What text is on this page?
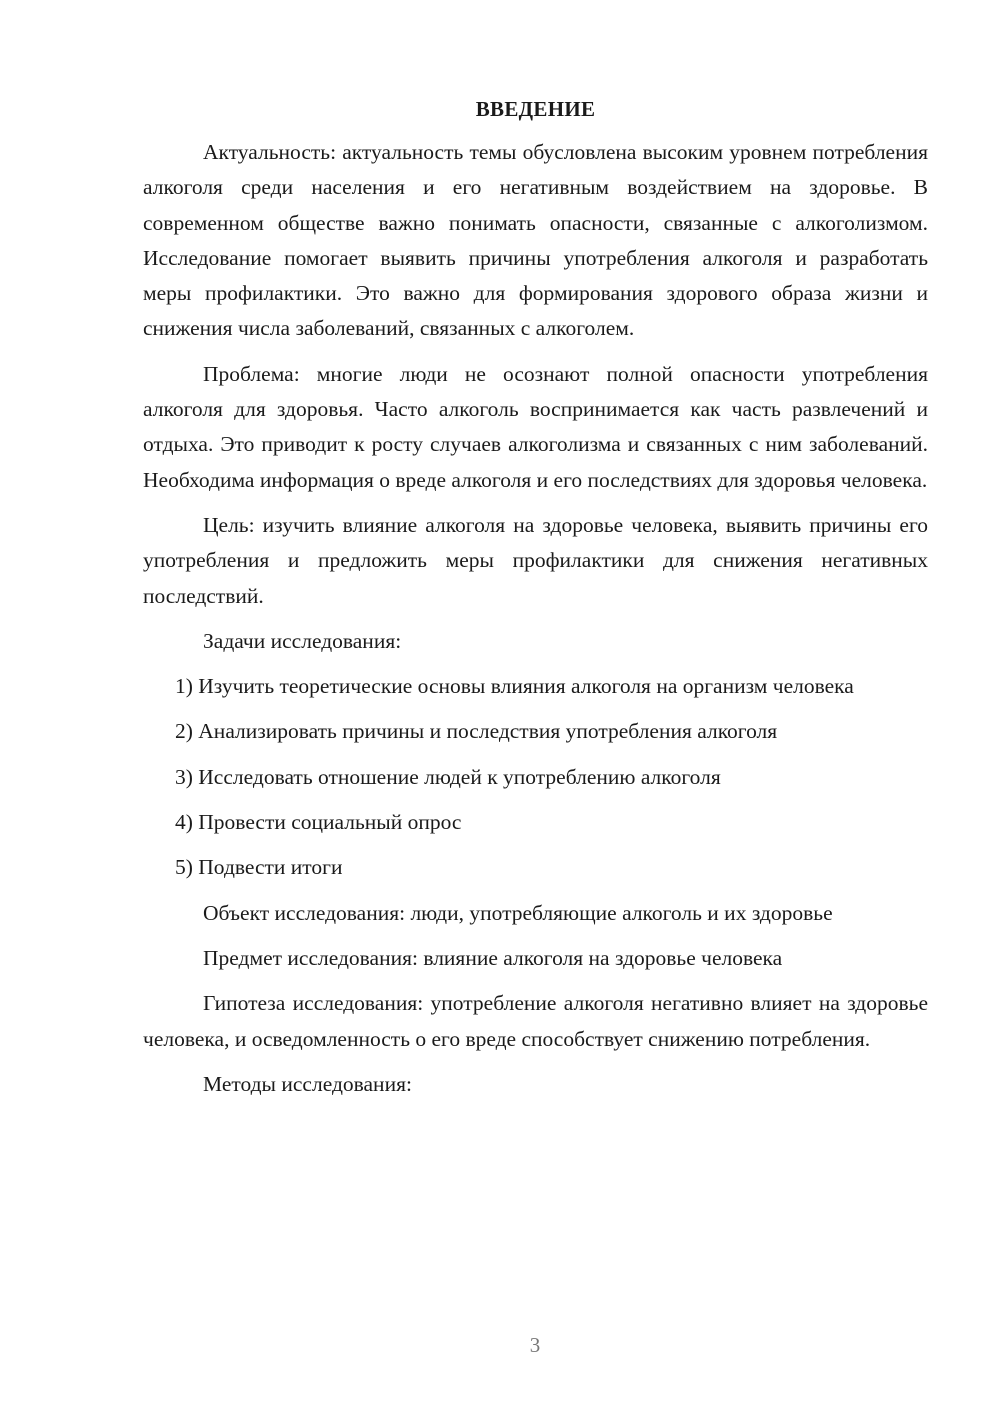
ВВЕДЕНИЕ

Актуальность: актуальность темы обусловлена высоким уровнем потребления алкоголя среди населения и его негативным воздействием на здоровье. В современном обществе важно понимать опасности, связанные с алкоголизмом. Исследование помогает выявить причины употребления алкоголя и разработать меры профилактики. Это важно для формирования здорового образа жизни и снижения числа заболеваний, связанных с алкоголем.

Проблема: многие люди не осознают полной опасности употребления алкоголя для здоровья. Часто алкоголь воспринимается как часть развлечений и отдыха. Это приводит к росту случаев алкоголизма и связанных с ним заболеваний. Необходима информация о вреде алкоголя и его последствиях для здоровья человека.

Цель: изучить влияние алкоголя на здоровье человека, выявить причины его употребления и предложить меры профилактики для снижения негативных последствий.

Задачи исследования:

1) Изучить теоретические основы влияния алкоголя на организм человека

2) Анализировать причины и последствия употребления алкоголя

3) Исследовать отношение людей к употреблению алкоголя

4) Провести социальный опрос

5) Подвести итоги

Объект исследования: люди, употребляющие алкоголь и их здоровье

Предмет исследования: влияние алкоголя на здоровье человека

Гипотеза исследования: употребление алкоголя негативно влияет на здоровье человека, и осведомленность о его вреде способствует снижению потребления.

Методы исследования:

3
